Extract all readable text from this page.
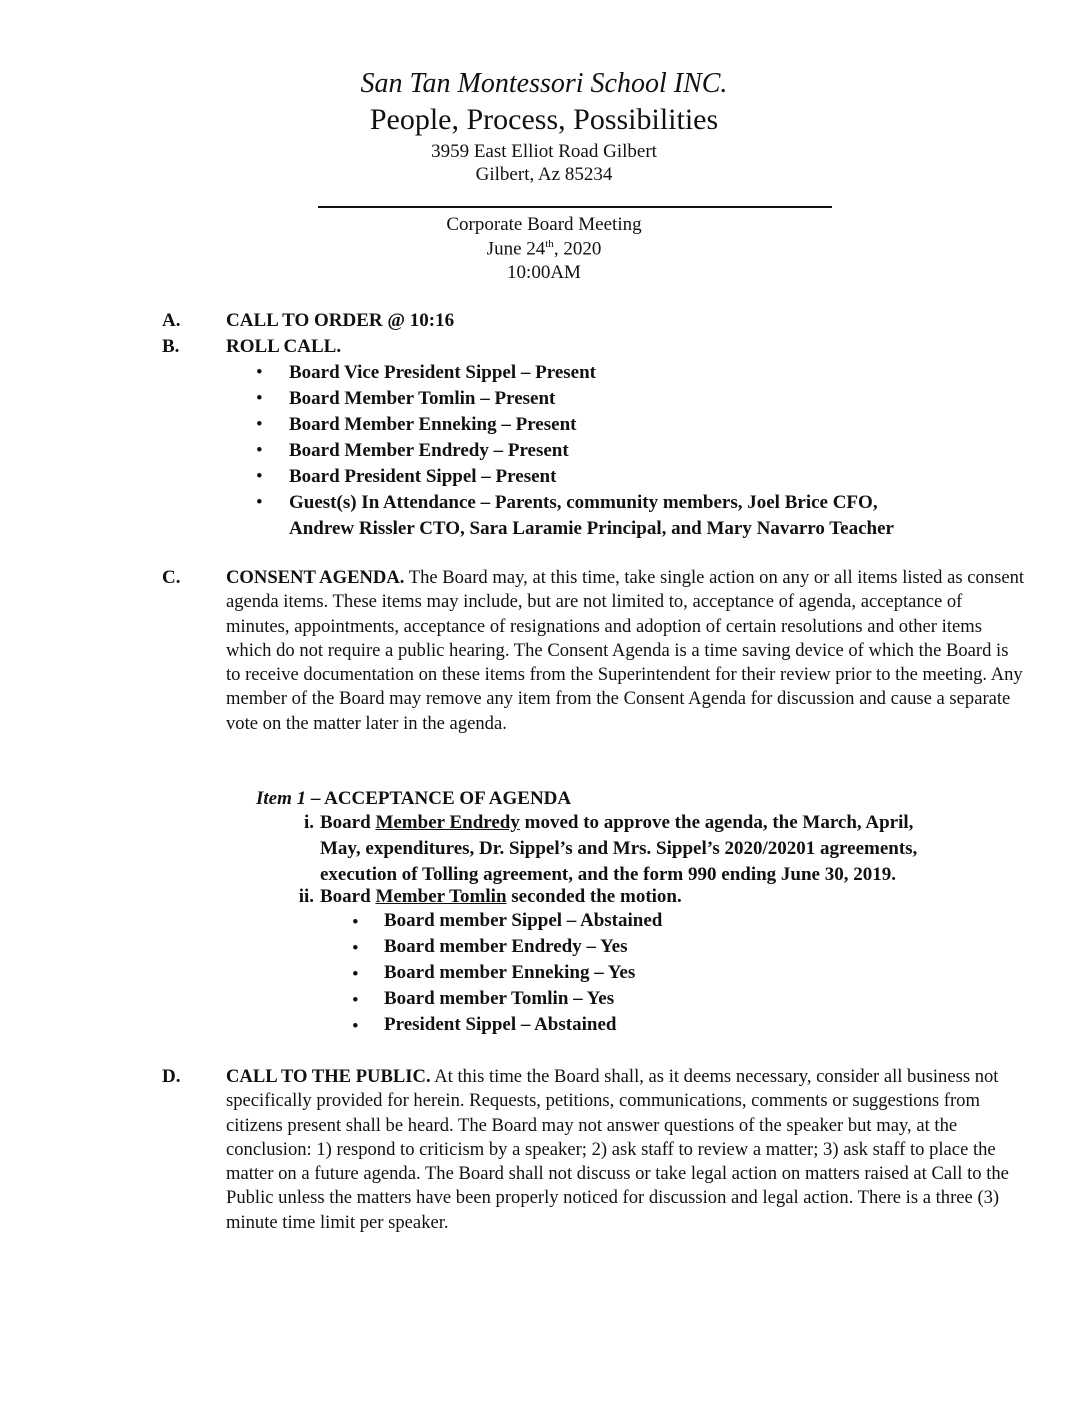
San Tan Montessori School INC.
People, Process, Possibilities
3959 East Elliot Road Gilbert
Gilbert, Az 85234
Corporate Board Meeting
June 24th, 2020
10:00AM
A. CALL TO ORDER @ 10:16
B. ROLL CALL.
• Board Vice President Sippel – Present
• Board Member Tomlin – Present
• Board Member Enneking – Present
• Board Member Endredy – Present
• Board President Sippel – Present
• Guest(s) In Attendance – Parents, community members, Joel Brice CFO,
Andrew Rissler CTO, Sara Laramie Principal, and Mary Navarro Teacher
C. CONSENT AGENDA. The Board may, at this time, take single action on any or all items listed as consent agenda items. These items may include, but are not limited to, acceptance of agenda, acceptance of minutes, appointments, acceptance of resignations and adoption of certain resolutions and other items which do not require a public hearing. The Consent Agenda is a time saving device of which the Board is to receive documentation on these items from the Superintendent for their review prior to the meeting. Any member of the Board may remove any item from the Consent Agenda for discussion and cause a separate vote on the matter later in the agenda.
Item 1 – ACCEPTANCE OF AGENDA
i. Board Member Endredy moved to approve the agenda, the March, April,
May, expenditures, Dr. Sippel’s and Mrs. Sippel’s 2020/20201 agreements,
execution of Tolling agreement, and the form 990 ending June 30, 2019.
ii. Board Member Tomlin seconded the motion.
• Board member Sippel – Abstained
• Board member Endredy – Yes
• Board member Enneking – Yes
• Board member Tomlin – Yes
• President Sippel – Abstained
D. CALL TO THE PUBLIC. At this time the Board shall, as it deems necessary, consider all business not specifically provided for herein. Requests, petitions, communications, comments or suggestions from citizens present shall be heard. The Board may not answer questions of the speaker but may, at the conclusion: 1) respond to criticism by a speaker; 2) ask staff to review a matter; 3) ask staff to place the matter on a future agenda. The Board shall not discuss or take legal action on matters raised at Call to the Public unless the matters have been properly noticed for discussion and legal action. There is a three (3) minute time limit per speaker.
